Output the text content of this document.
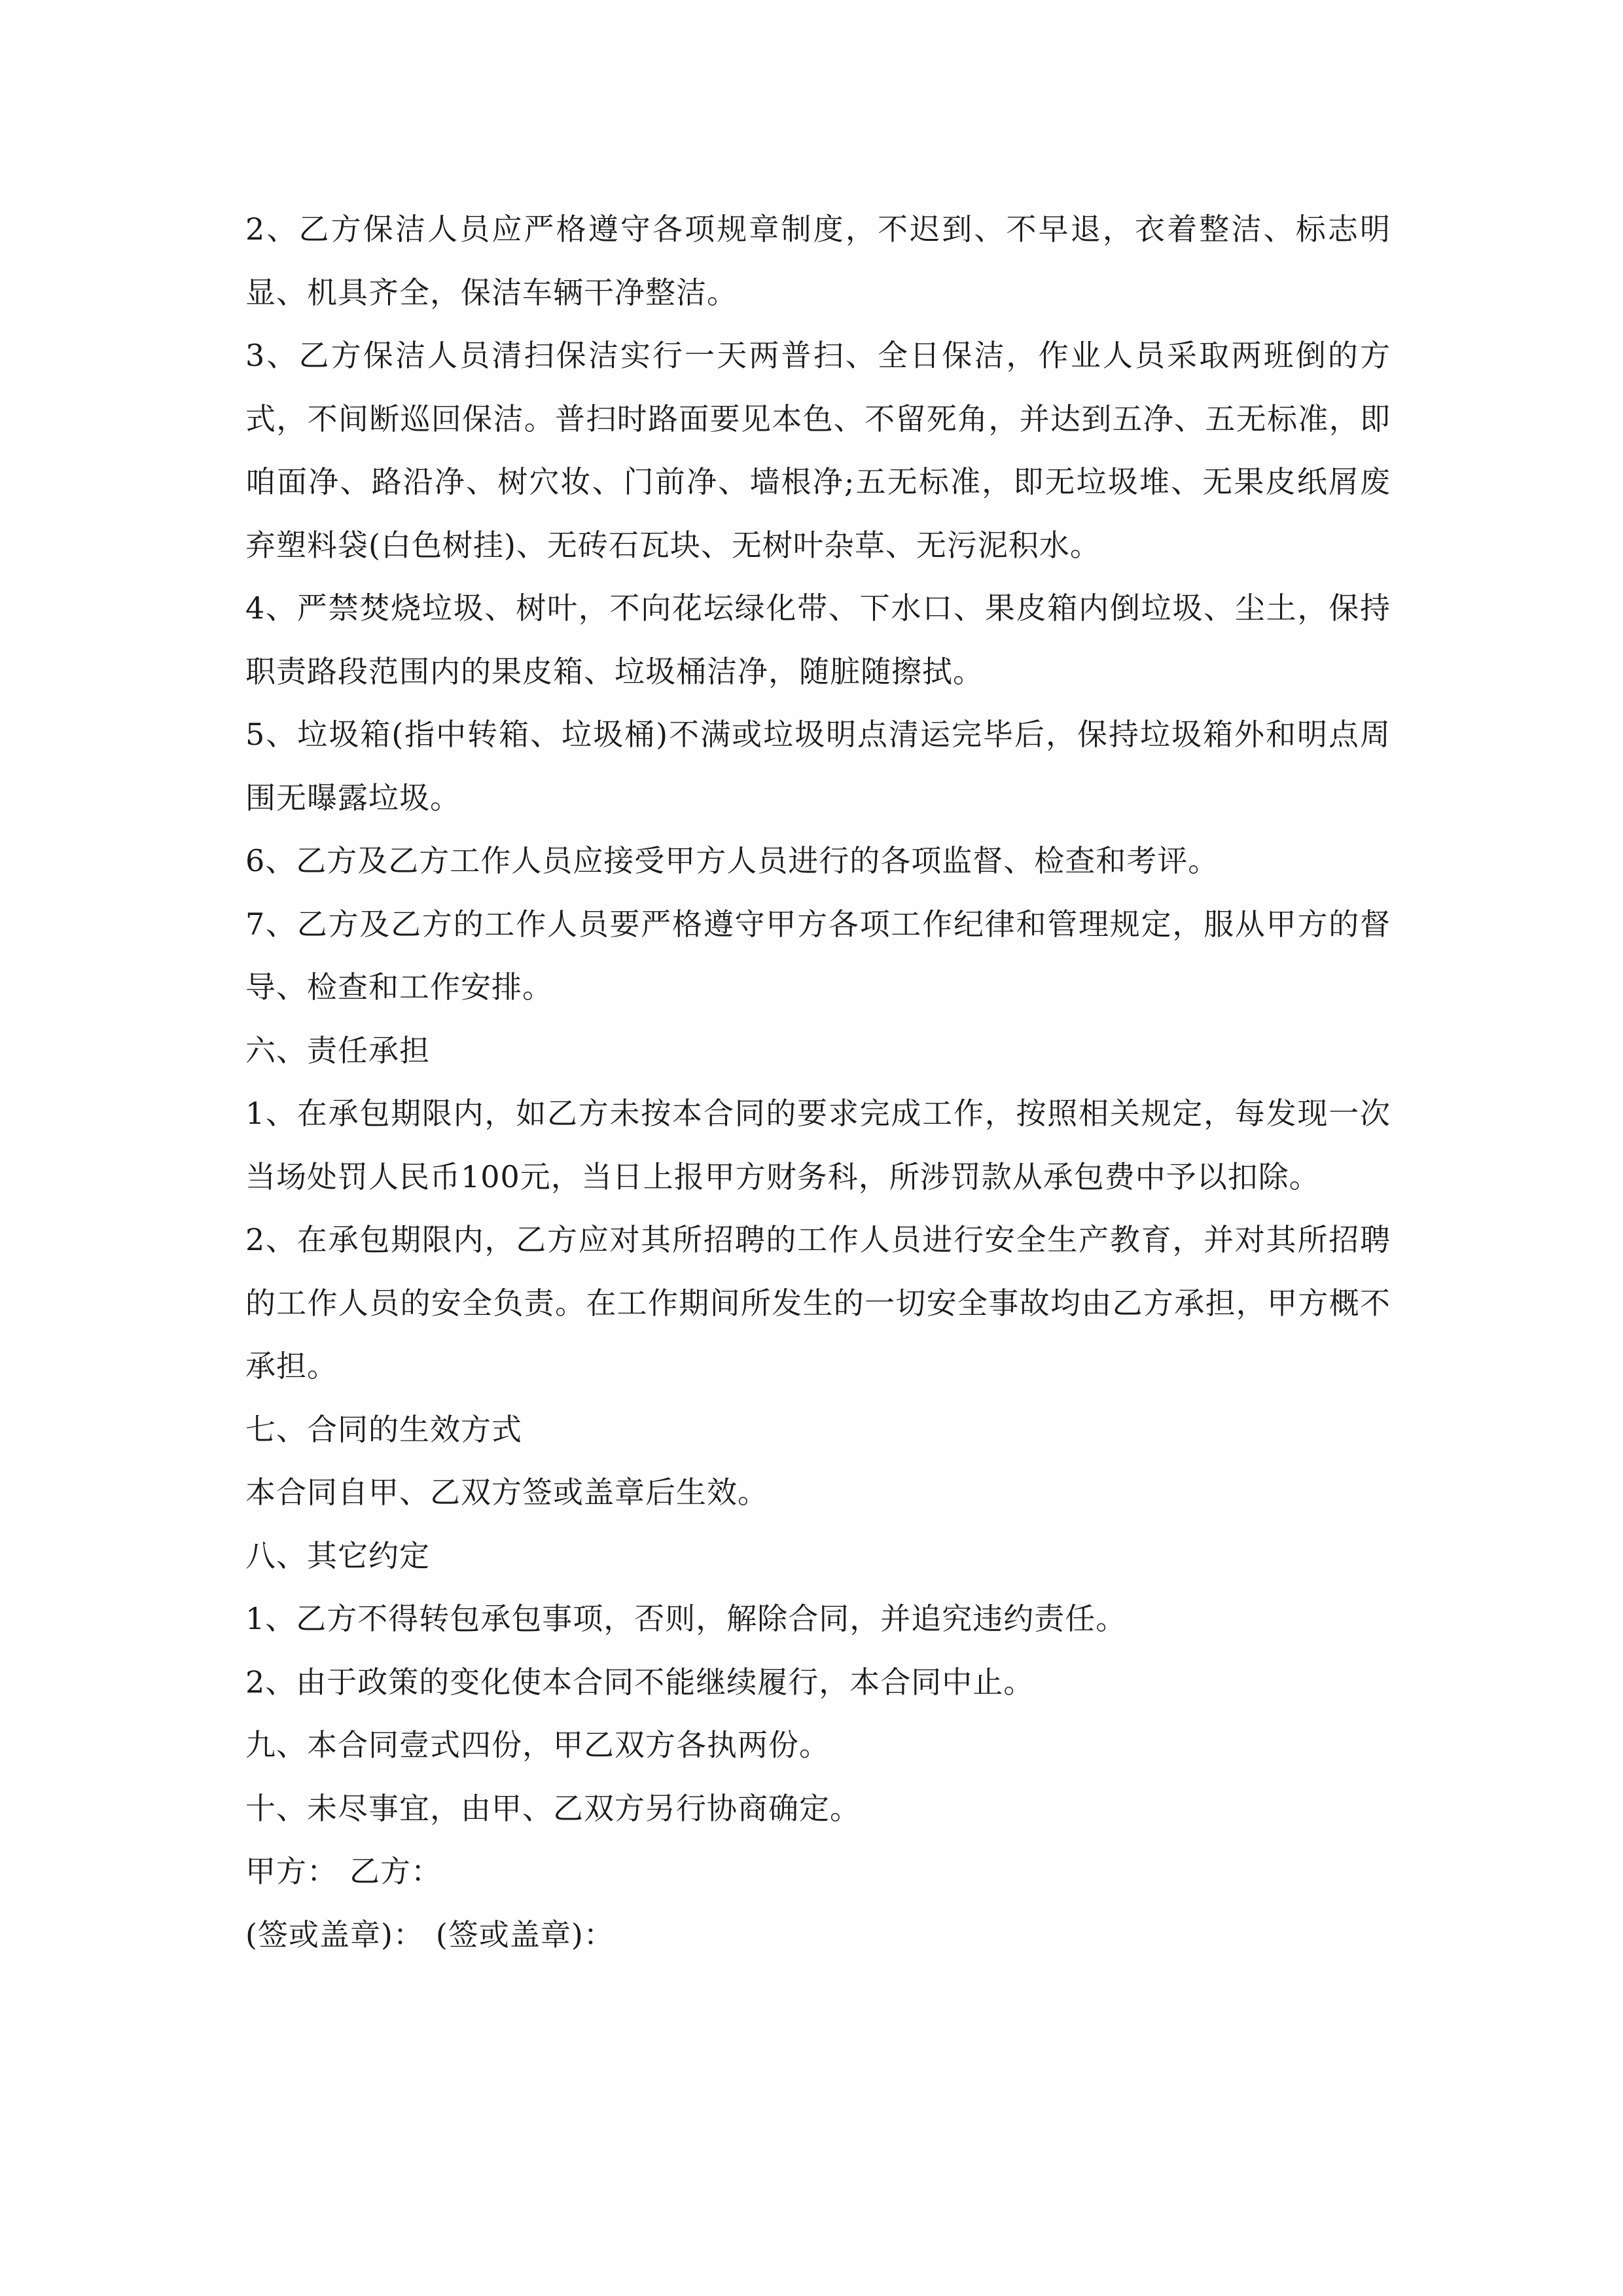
2、乙方保洁人员应严格遵守各项规章制度，不迟到、不早退，衣着整洁、标志明显、机具齐全，保洁车辆干净整洁。

3、乙方保洁人员清扫保洁实行一天两普扫、全日保洁，作业人员采取两班倒的方式，不间断巡回保洁。普扫时路面要见本色、不留死角，并达到五净、五无标准，即咱面净、路沿净、树穴妆、门前净、墙根净;五无标准，即无垃圾堆、无果皮纸屑废弃塑料袋(白色树挂)、无砖石瓦块、无树叶杂草、无污泥积水。

4、严禁焚烧垃圾、树叶，不向花坛绿化带、下水口、果皮箱内倒垃圾、尘土，保持职责路段范围内的果皮箱、垃圾桶洁净，随脏随擦拭。

5、垃圾箱(指中转箱、垃圾桶)不满或垃圾明点清运完毕后，保持垃圾箱外和明点周围无曝露垃圾。

6、乙方及乙方工作人员应接受甲方人员进行的各项监督、检查和考评。

7、乙方及乙方的工作人员要严格遵守甲方各项工作纪律和管理规定，服从甲方的督导、检查和工作安排。

六、责任承担

1、在承包期限内，如乙方未按本合同的要求完成工作，按照相关规定，每发现一次当场处罚人民币100元，当日上报甲方财务科，所涉罚款从承包费中予以扣除。

2、在承包期限内，乙方应对其所招聘的工作人员进行安全生产教育，并对其所招聘的工作人员的安全负责。在工作期间所发生的一切安全事故均由乙方承担，甲方概不承担。

七、合同的生效方式

本合同自甲、乙双方签或盖章后生效。

八、其它约定

1、乙方不得转包承包事项，否则，解除合同，并追究违约责任。

2、由于政策的变化使本合同不能继续履行，本合同中止。

九、本合同壹式四份，甲乙双方各执两份。

十、未尽事宜，由甲、乙双方另行协商确定。

甲方： 乙方：
(签或盖章)： (签或盖章)：
